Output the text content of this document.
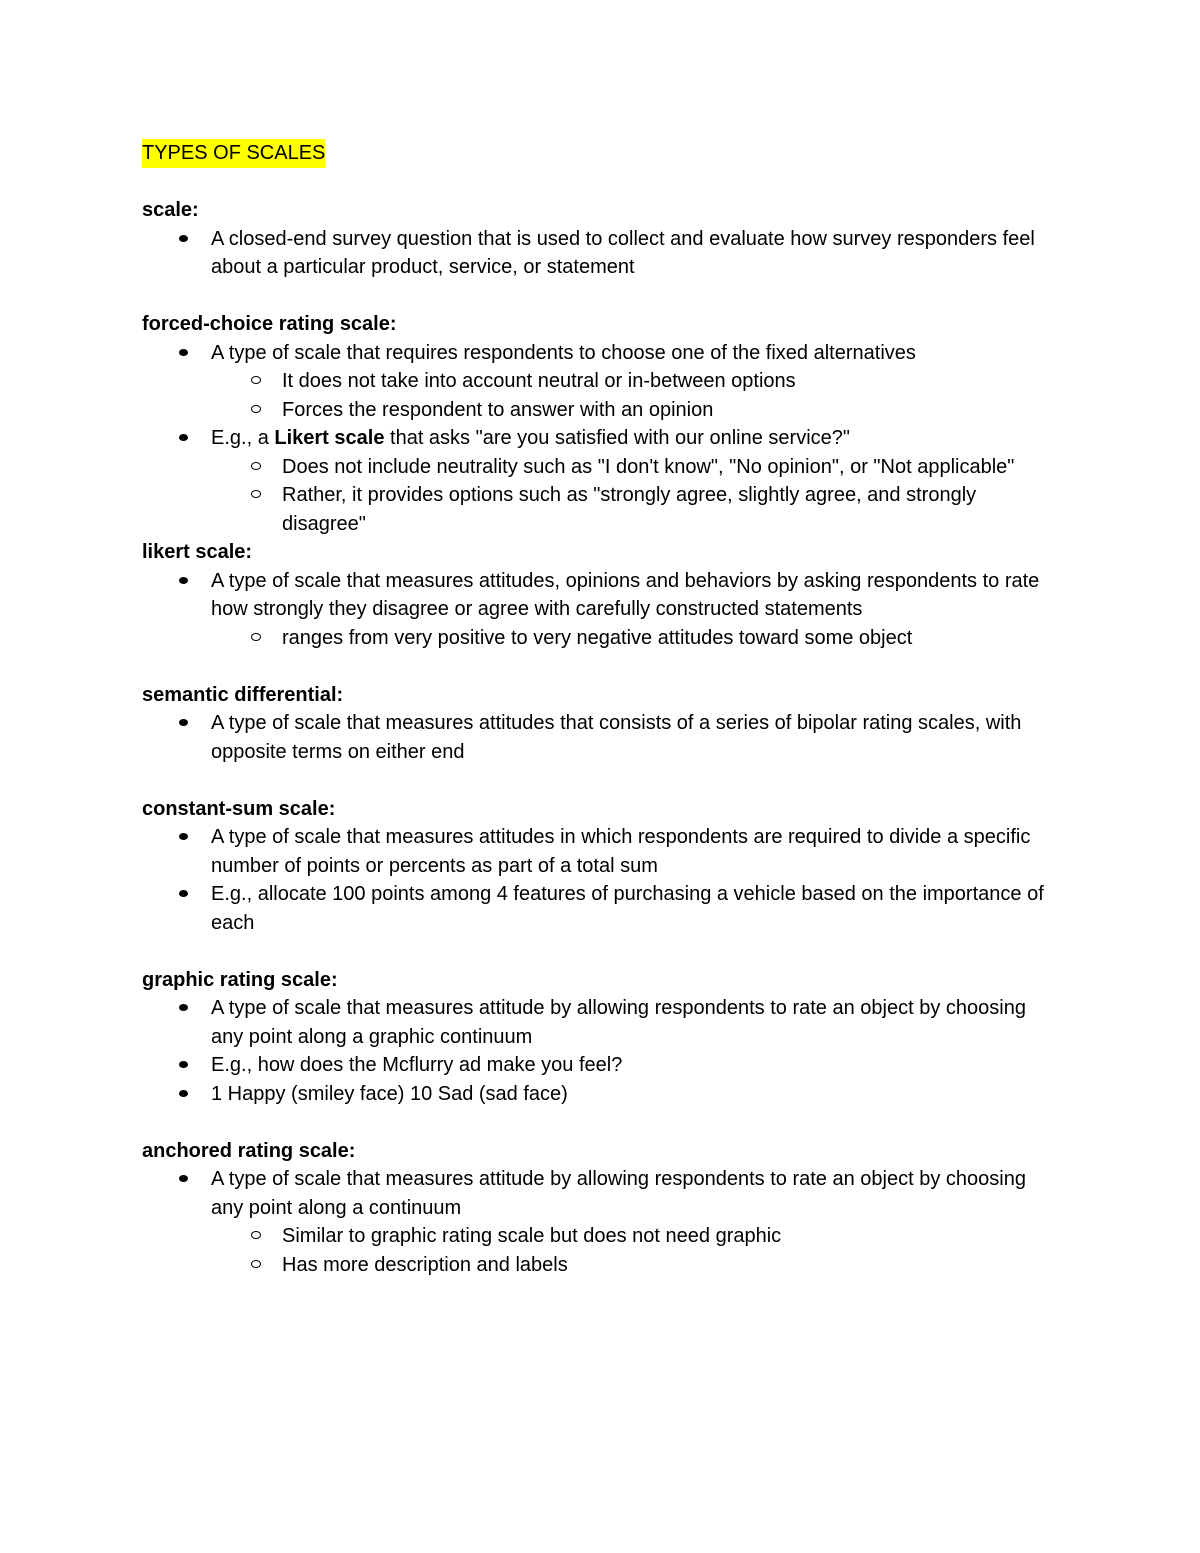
TYPES OF SCALES
scale:
A closed-end survey question that is used to collect and evaluate how survey responders feel about a particular product, service, or statement
forced-choice rating scale:
A type of scale that requires respondents to choose one of the fixed alternatives
It does not take into account neutral or in-between options
Forces the respondent to answer with an opinion
E.g., a Likert scale that asks "are you satisfied with our online service?"
Does not include neutrality such as "I don't know", "No opinion", or "Not applicable"
Rather, it provides options such as "strongly agree, slightly agree, and strongly disagree"
likert scale:
A type of scale that measures attitudes, opinions and behaviors by asking respondents to rate how strongly they disagree or agree with carefully constructed statements
ranges from very positive to very negative attitudes toward some object
semantic differential:
A type of scale that measures attitudes that consists of a series of bipolar rating scales, with opposite terms on either end
constant-sum scale:
A type of scale that measures attitudes in which respondents are required to divide a specific number of points or percents as part of a total sum
E.g., allocate 100 points among 4 features of purchasing a vehicle based on the importance of each
graphic rating scale:
A type of scale that measures attitude by allowing respondents to rate an object by choosing any point along a graphic continuum
E.g., how does the Mcflurry ad make you feel?
1 Happy (smiley face) 10 Sad (sad face)
anchored rating scale:
A type of scale that measures attitude by allowing respondents to rate an object by choosing any point along a continuum
Similar to graphic rating scale but does not need graphic
Has more description and labels
